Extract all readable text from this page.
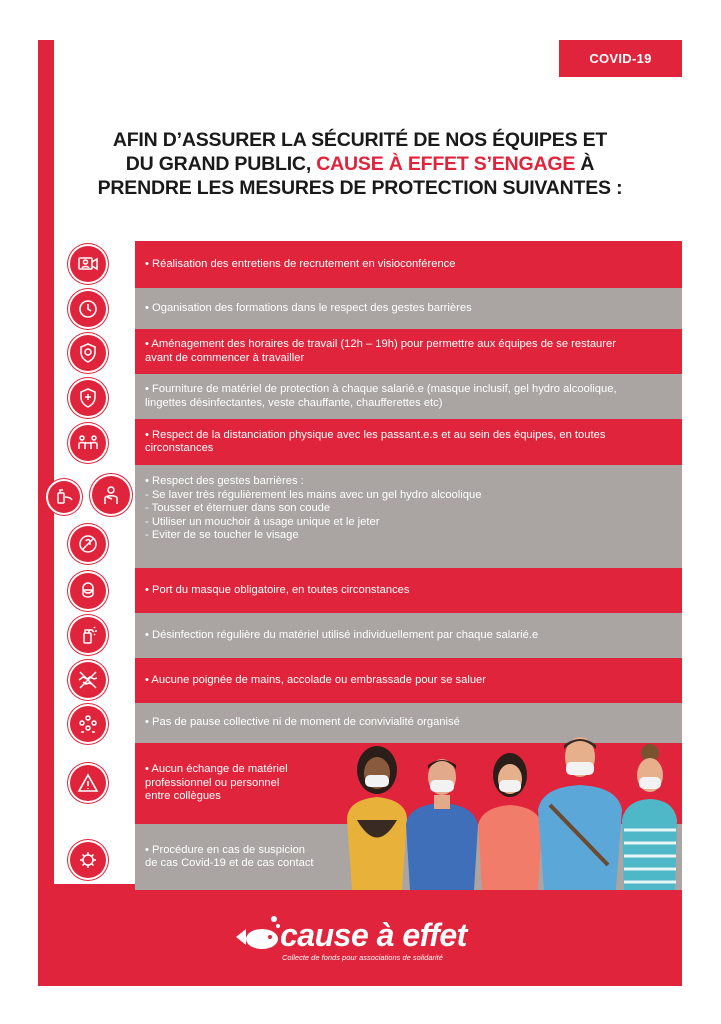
COVID-19
AFIN D’ASSURER LA SÉCURITÉ DE NOS ÉQUIPES ET
DU GRAND PUBLIC, CAUSE À EFFET S’ENGAGE À
PRENDRE LES MESURES DE PROTECTION SUIVANTES :
• Réalisation des entretiens de recrutement en visioconférence
• Oganisation des formations dans le respect des gestes barrières
• Aménagement des horaires de travail (12h – 19h) pour permettre aux équipes de se restaurer
avant de commencer à travailler
• Fourniture de matériel de protection à chaque salarié.e (masque inclusif, gel hydro alcoolique,
lingettes désinfectantes, veste chauffante, chaufferettes etc)
• Respect de la distanciation physique avec les passant.e.s et au sein des équipes, en toutes
circonstances
• Respect des gestes barrières :
- Se laver très régulièrement les mains avec un gel hydro alcoolique
- Tousser et éternuer dans son coude
- Utiliser un mouchoir à usage unique et le jeter
- Eviter de se toucher le visage
• Port du masque obligatoire, en toutes circonstances
• Désinfection régulière du matériel utilisé individuellement par chaque salarié.e
• Aucune poignée de mains, accolade ou embrassade pour se saluer
• Pas de pause collective ni de moment de convivialité organisé
• Aucun échange de matériel
professionnel ou personnel
entre collègues
• Procédure en cas de suspicion
de cas Covid-19 et de cas contact
cause à effet
Collecte de fonds pour associations de solidarité
